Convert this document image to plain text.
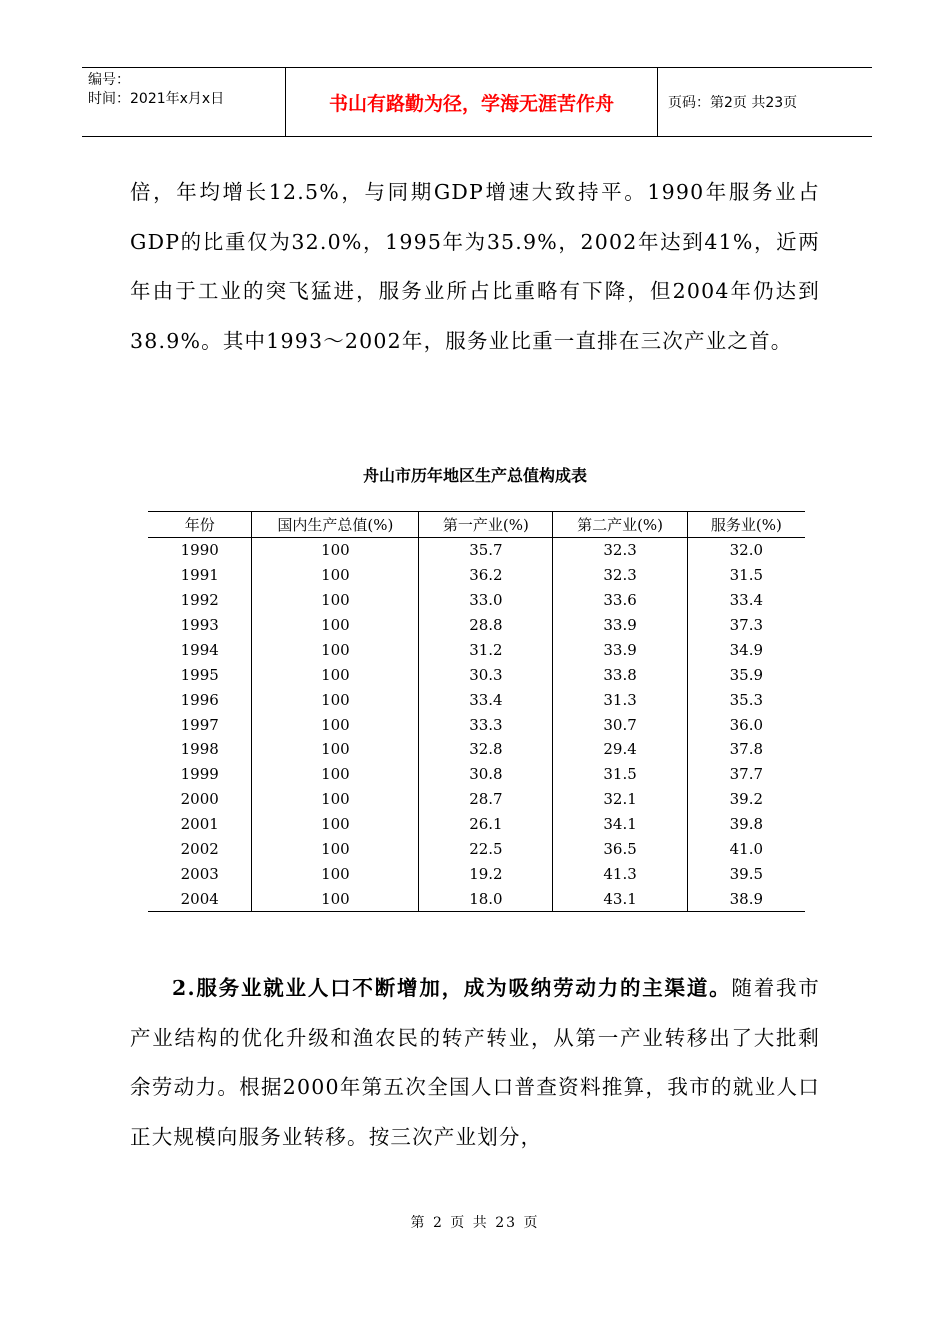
编号：
时间：2021年x月x日	书山有路勤为径，学海无涯苦作舟	页码：第2页 共23页

倍，年均增长12.5%，与同期GDP增速大致持平。1990年服务业占GDP的比重仅为32.0%，1995年为35.9%，2002年达到41%，近两年由于工业的突飞猛进，服务业所占比重略有下降，但2004年仍达到38.9%。其中1993～2002年，服务业比重一直排在三次产业之首。

舟山市历年地区生产总值构成表
年份	国内生产总值(%)	第一产业(%)	第二产业(%)	服务业(%)
1990	100	35.7	32.3	32.0
1991	100	36.2	32.3	31.5
1992	100	33.0	33.6	33.4
1993	100	28.8	33.9	37.3
1994	100	31.2	33.9	34.9
1995	100	30.3	33.8	35.9
1996	100	33.4	31.3	35.3
1997	100	33.3	30.7	36.0
1998	100	32.8	29.4	37.8
1999	100	30.8	31.5	37.7
2000	100	28.7	32.1	39.2
2001	100	26.1	34.1	39.8
2002	100	22.5	36.5	41.0
2003	100	19.2	41.3	39.5
2004	100	18.0	43.1	38.9

2.服务业就业人口不断增加，成为吸纳劳动力的主渠道。随着我市产业结构的优化升级和渔农民的转产转业，从第一产业转移出了大批剩余劳动力。根据2000年第五次全国人口普查资料推算，我市的就业人口正大规模向服务业转移。按三次产业划分，

第 2 页 共 23 页
